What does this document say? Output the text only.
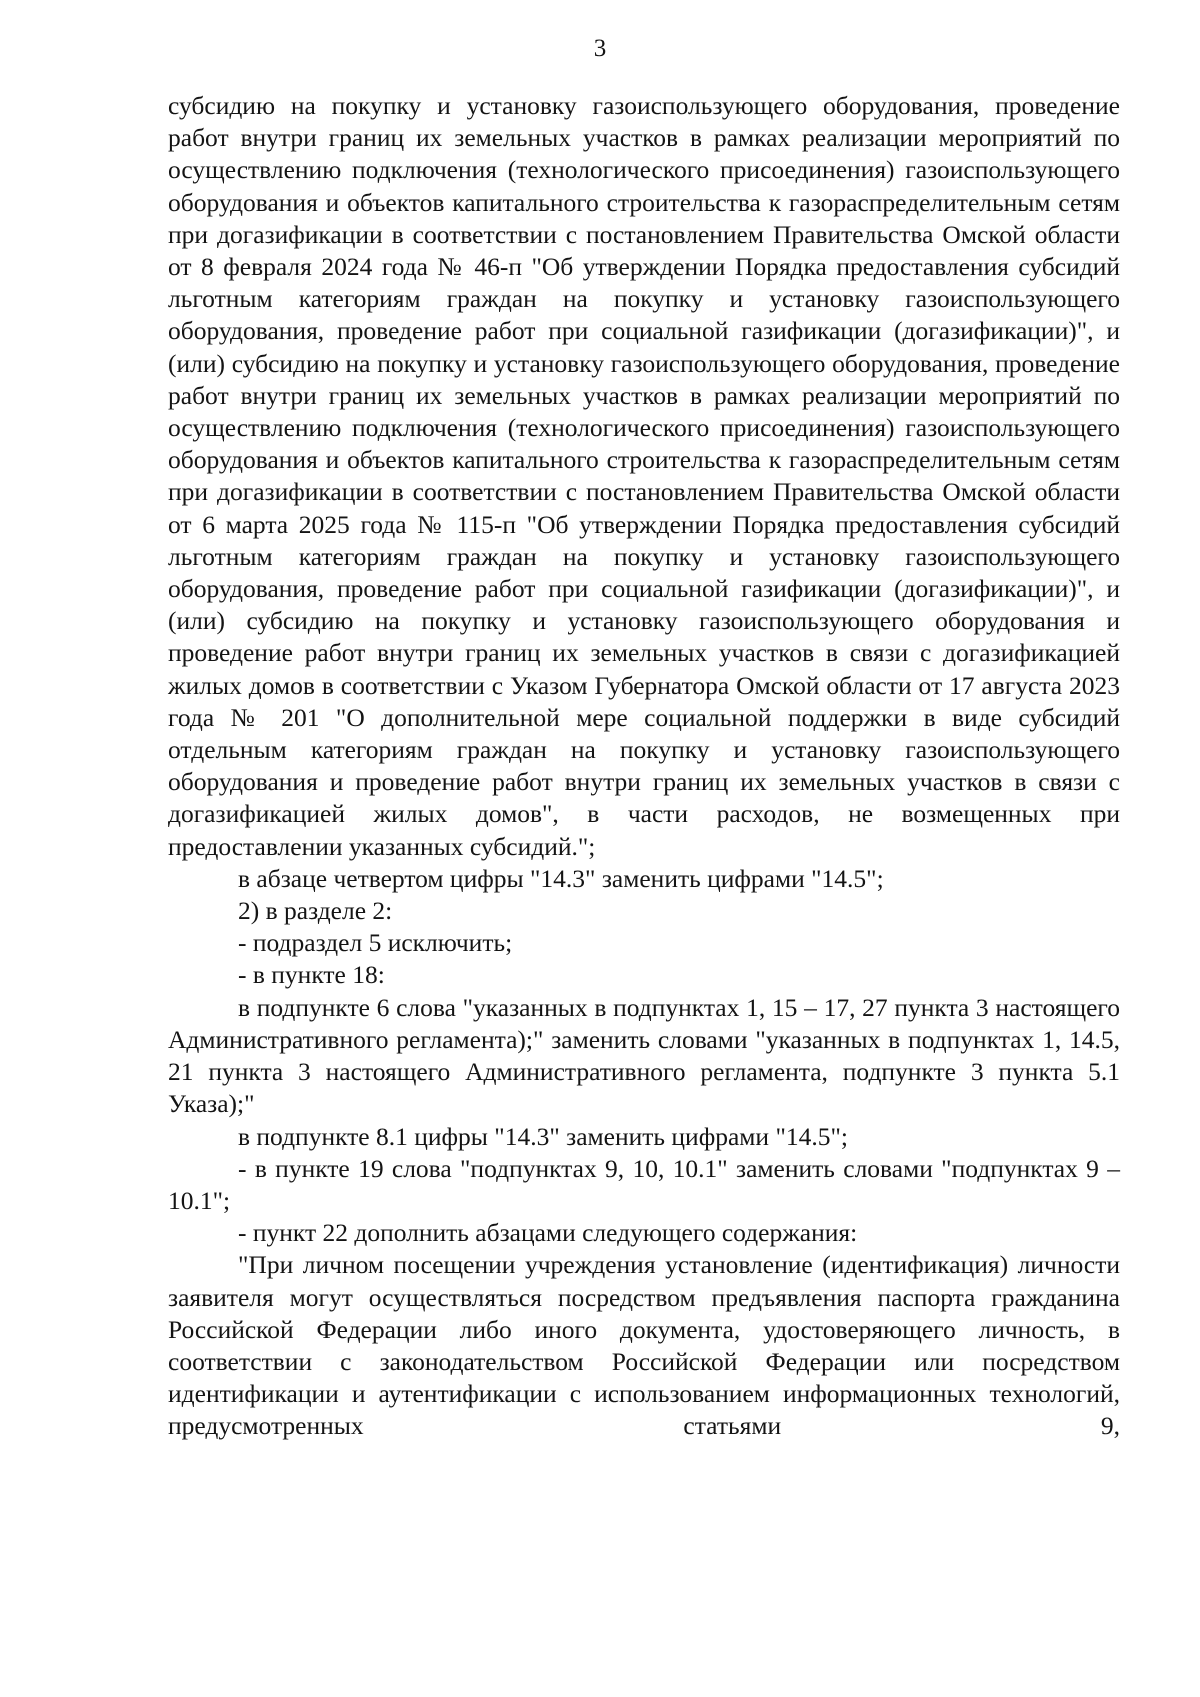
3

субсидию на покупку и установку газоиспользующего оборудования, проведение работ внутри границ их земельных участков в рамках реализации мероприятий по осуществлению подключения (технологического присоединения) газоиспользующего оборудования и объектов капитального строительства к газораспределительным сетям при догазификации в соответствии с постановлением Правительства Омской области от 8 февраля 2024 года № 46-п "Об утверждении Порядка предоставления субсидий льготным категориям граждан на покупку и установку газоиспользующего оборудования, проведение работ при социальной газификации (догазификации)", и (или) субсидию на покупку и установку газоиспользующего оборудования, проведение работ внутри границ их земельных участков в рамках реализации мероприятий по осуществлению подключения (технологического присоединения) газоиспользующего оборудования и объектов капитального строительства к газораспределительным сетям при догазификации в соответствии с постановлением Правительства Омской области от 6 марта 2025 года № 115-п "Об утверждении Порядка предоставления субсидий льготным категориям граждан на покупку и установку газоиспользующего оборудования, проведение работ при социальной газификации (догазификации)", и (или) субсидию на покупку и установку газоиспользующего оборудования и проведение работ внутри границ их земельных участков в связи с догазификацией жилых домов в соответствии с Указом Губернатора Омской области от 17 августа 2023 года № 201 "О дополнительной мере социальной поддержки в виде субсидий отдельным категориям граждан на покупку и установку газоиспользующего оборудования и проведение работ внутри границ их земельных участков в связи с догазификацией жилых домов", в части расходов, не возмещенных при предоставлении указанных субсидий.";

в абзаце четвертом цифры "14.3" заменить цифрами "14.5";

2) в разделе 2:

- подраздел 5 исключить;

- в пункте 18:

в подпункте 6 слова "указанных в подпунктах 1, 15 – 17, 27 пункта 3 настоящего Административного регламента);" заменить словами "указанных в подпунктах 1, 14.5, 21 пункта 3 настоящего Административного регламента, подпункте 3 пункта 5.1 Указа);"

в подпункте 8.1 цифры "14.3" заменить цифрами "14.5";

- в пункте 19 слова "подпунктах 9, 10, 10.1" заменить словами "подпунктах 9 – 10.1";

- пункт 22 дополнить абзацами следующего содержания:

"При личном посещении учреждения установление (идентификация) личности заявителя могут осуществляться посредством предъявления паспорта гражданина Российской Федерации либо иного документа, удостоверяющего личность, в соответствии с законодательством Российской Федерации или посредством идентификации и аутентификации с использованием информационных технологий, предусмотренных статьями 9,
